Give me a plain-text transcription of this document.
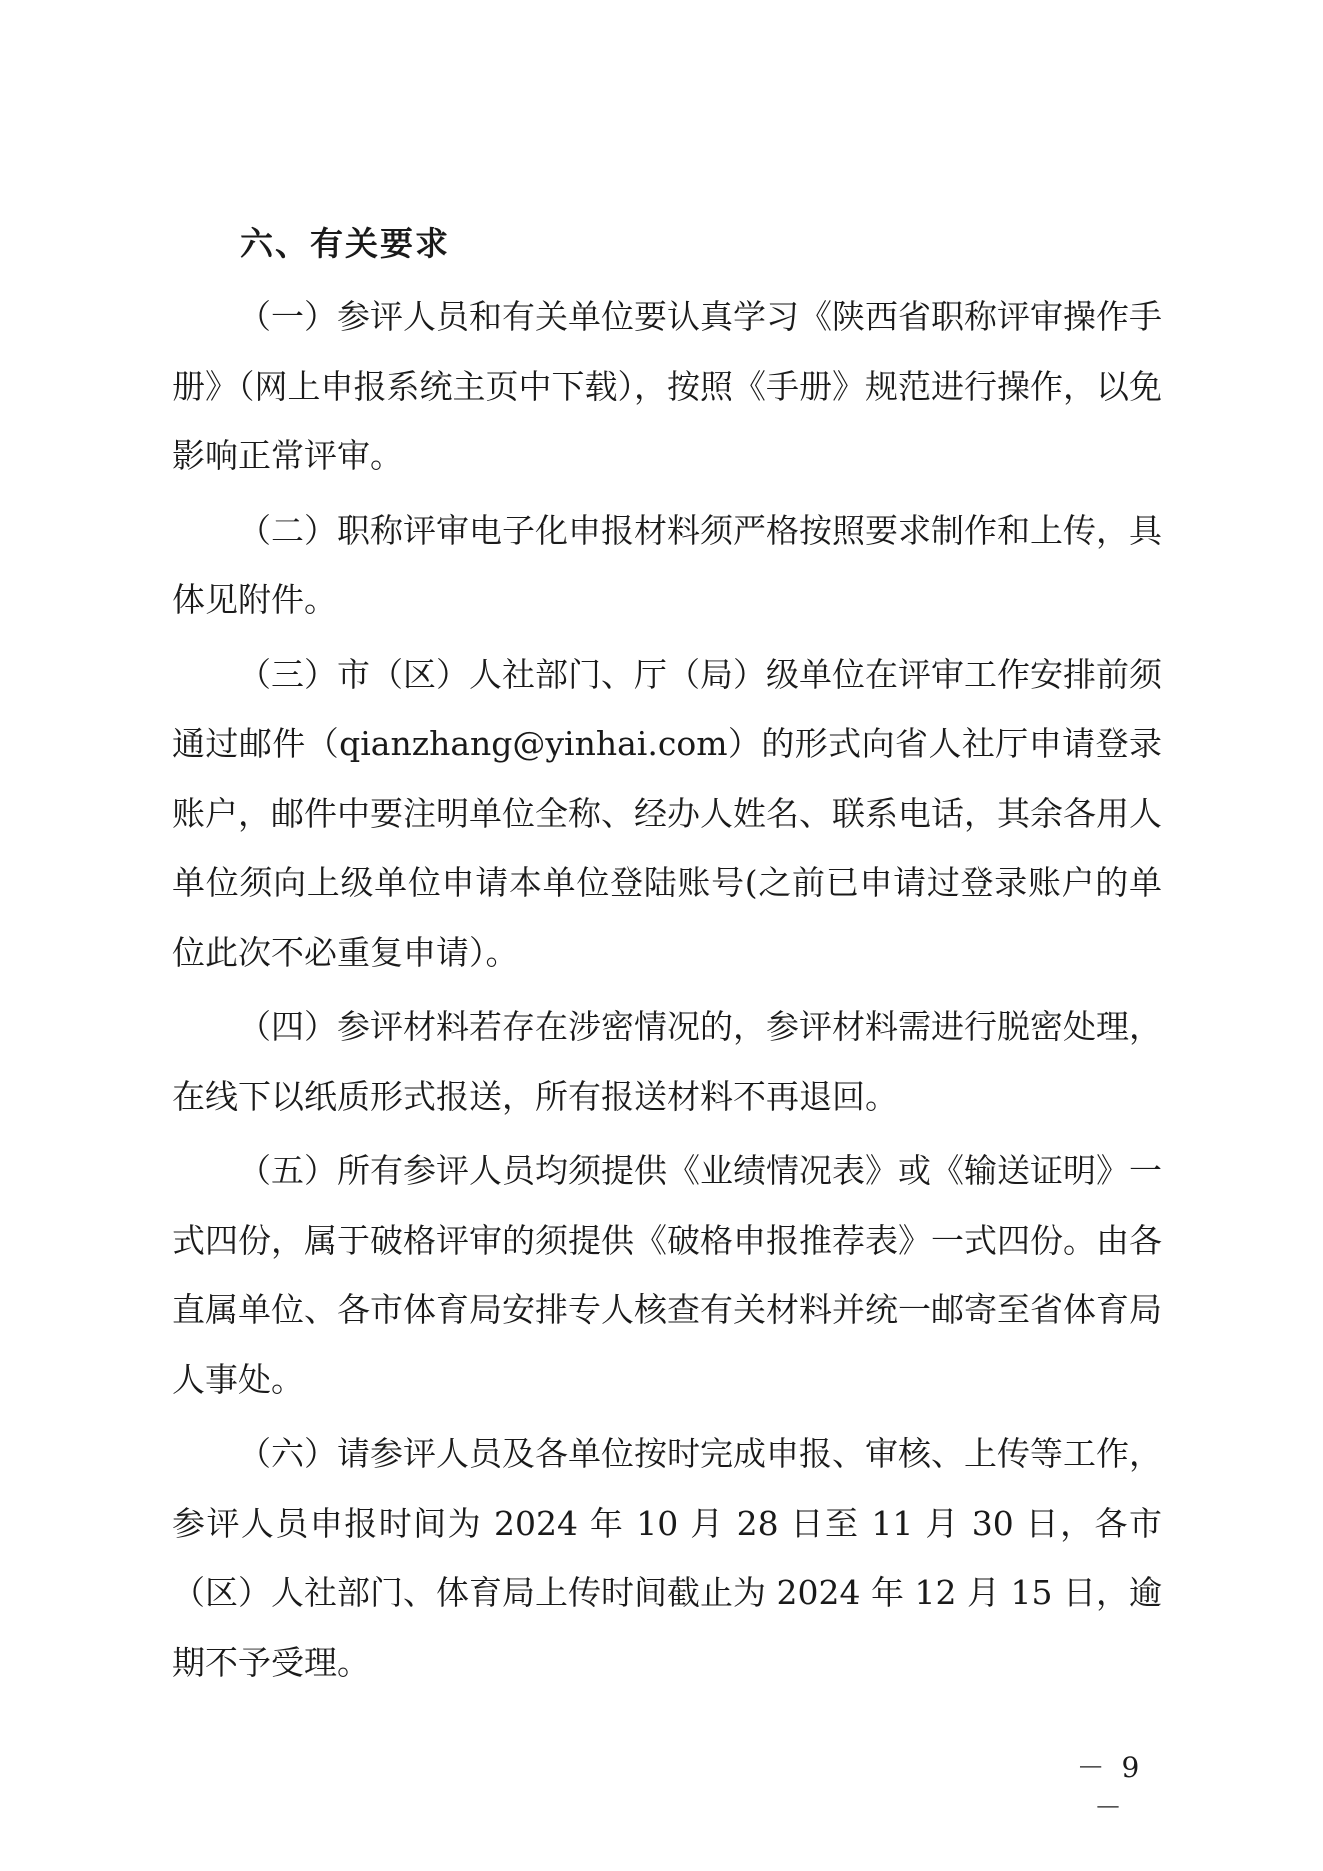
六、有关要求

（一）参评人员和有关单位要认真学习《陕西省职称评审操作手册》（网上申报系统主页中下载），按照《手册》规范进行操作，以免影响正常评审。

（二）职称评审电子化申报材料须严格按照要求制作和上传，具体见附件。

（三）市（区）人社部门、厅（局）级单位在评审工作安排前须通过邮件（qianzhang@yinhai.com）的形式向省人社厅申请登录账户，邮件中要注明单位全称、经办人姓名、联系电话，其余各用人单位须向上级单位申请本单位登陆账号(之前已申请过登录账户的单位此次不必重复申请）。

（四）参评材料若存在涉密情况的，参评材料需进行脱密处理，在线下以纸质形式报送，所有报送材料不再退回。

（五）所有参评人员均须提供《业绩情况表》或《输送证明》一式四份，属于破格评审的须提供《破格申报推荐表》一式四份。由各直属单位、各市体育局安排专人核查有关材料并统一邮寄至省体育局人事处。

（六）请参评人员及各单位按时完成申报、审核、上传等工作，参评人员申报时间为 2024 年 10 月 28 日至 11 月 30 日，各市（区）人社部门、体育局上传时间截止为 2024 年 12 月 15 日，逾期不予受理。

－ 9 －
